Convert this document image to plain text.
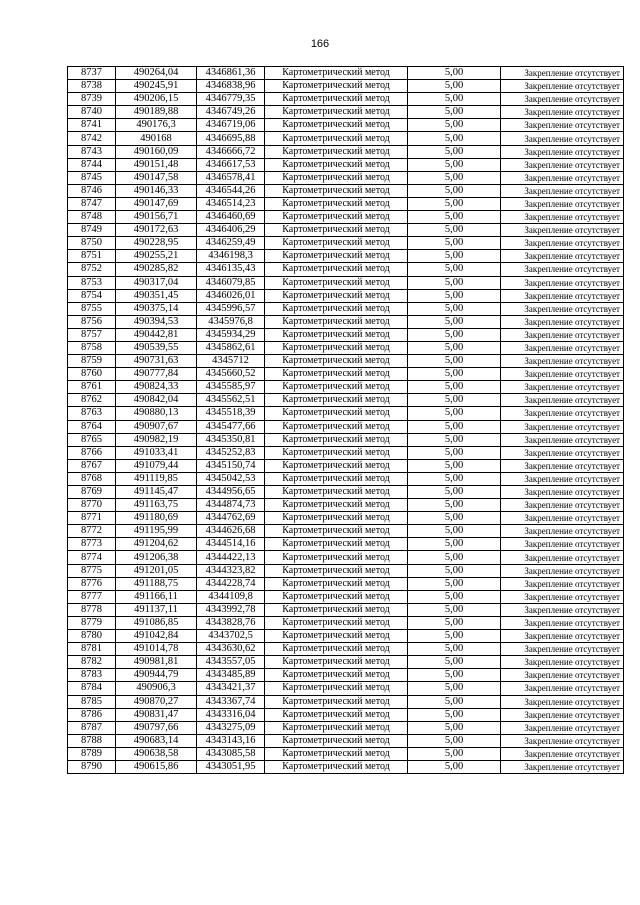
166
8737	490264,04	4346861,36	Картометрический метод	5,00	Закрепление отсутствует
8738	490245,91	4346838,96	Картометрический метод	5,00	Закрепление отсутствует
8739	490206,15	4346779,35	Картометрический метод	5,00	Закрепление отсутствует
8740	490189,88	4346749,26	Картометрический метод	5,00	Закрепление отсутствует
8741	490176,3	4346719,06	Картометрический метод	5,00	Закрепление отсутствует
8742	490168	4346695,88	Картометрический метод	5,00	Закрепление отсутствует
8743	490160,09	4346666,72	Картометрический метод	5,00	Закрепление отсутствует
8744	490151,48	4346617,53	Картометрический метод	5,00	Закрепление отсутствует
8745	490147,58	4346578,41	Картометрический метод	5,00	Закрепление отсутствует
8746	490146,33	4346544,26	Картометрический метод	5,00	Закрепление отсутствует
8747	490147,69	4346514,23	Картометрический метод	5,00	Закрепление отсутствует
8748	490156,71	4346460,69	Картометрический метод	5,00	Закрепление отсутствует
8749	490172,63	4346406,29	Картометрический метод	5,00	Закрепление отсутствует
8750	490228,95	4346259,49	Картометрический метод	5,00	Закрепление отсутствует
8751	490255,21	4346198,3	Картометрический метод	5,00	Закрепление отсутствует
8752	490285,82	4346135,43	Картометрический метод	5,00	Закрепление отсутствует
8753	490317,04	4346079,85	Картометрический метод	5,00	Закрепление отсутствует
8754	490351,45	4346026,01	Картометрический метод	5,00	Закрепление отсутствует
8755	490375,14	4345996,57	Картометрический метод	5,00	Закрепление отсутствует
8756	490394,53	4345976,8	Картометрический метод	5,00	Закрепление отсутствует
8757	490442,81	4345934,29	Картометрический метод	5,00	Закрепление отсутствует
8758	490539,55	4345862,61	Картометрический метод	5,00	Закрепление отсутствует
8759	490731,63	4345712	Картометрический метод	5,00	Закрепление отсутствует
8760	490777,84	4345660,52	Картометрический метод	5,00	Закрепление отсутствует
8761	490824,33	4345585,97	Картометрический метод	5,00	Закрепление отсутствует
8762	490842,04	4345562,51	Картометрический метод	5,00	Закрепление отсутствует
8763	490880,13	4345518,39	Картометрический метод	5,00	Закрепление отсутствует
8764	490907,67	4345477,66	Картометрический метод	5,00	Закрепление отсутствует
8765	490982,19	4345350,81	Картометрический метод	5,00	Закрепление отсутствует
8766	491033,41	4345252,83	Картометрический метод	5,00	Закрепление отсутствует
8767	491079,44	4345150,74	Картометрический метод	5,00	Закрепление отсутствует
8768	491119,85	4345042,53	Картометрический метод	5,00	Закрепление отсутствует
8769	491145,47	4344956,65	Картометрический метод	5,00	Закрепление отсутствует
8770	491163,75	4344874,73	Картометрический метод	5,00	Закрепление отсутствует
8771	491180,69	4344762,69	Картометрический метод	5,00	Закрепление отсутствует
8772	491195,99	4344626,68	Картометрический метод	5,00	Закрепление отсутствует
8773	491204,62	4344514,16	Картометрический метод	5,00	Закрепление отсутствует
8774	491206,38	4344422,13	Картометрический метод	5,00	Закрепление отсутствует
8775	491201,05	4344323,82	Картометрический метод	5,00	Закрепление отсутствует
8776	491188,75	4344228,74	Картометрический метод	5,00	Закрепление отсутствует
8777	491166,11	4344109,8	Картометрический метод	5,00	Закрепление отсутствует
8778	491137,11	4343992,78	Картометрический метод	5,00	Закрепление отсутствует
8779	491086,85	4343828,76	Картометрический метод	5,00	Закрепление отсутствует
8780	491042,84	4343702,5	Картометрический метод	5,00	Закрепление отсутствует
8781	491014,78	4343630,62	Картометрический метод	5,00	Закрепление отсутствует
8782	490981,81	4343557,05	Картометрический метод	5,00	Закрепление отсутствует
8783	490944,79	4343485,89	Картометрический метод	5,00	Закрепление отсутствует
8784	490906,3	4343421,37	Картометрический метод	5,00	Закрепление отсутствует
8785	490870,27	4343367,74	Картометрический метод	5,00	Закрепление отсутствует
8786	490831,47	4343316,04	Картометрический метод	5,00	Закрепление отсутствует
8787	490797,66	4343275,09	Картометрический метод	5,00	Закрепление отсутствует
8788	490683,14	4343143,16	Картометрический метод	5,00	Закрепление отсутствует
8789	490638,58	4343085,58	Картометрический метод	5,00	Закрепление отсутствует
8790	490615,86	4343051,95	Картометрический метод	5,00	Закрепление отсутствует
